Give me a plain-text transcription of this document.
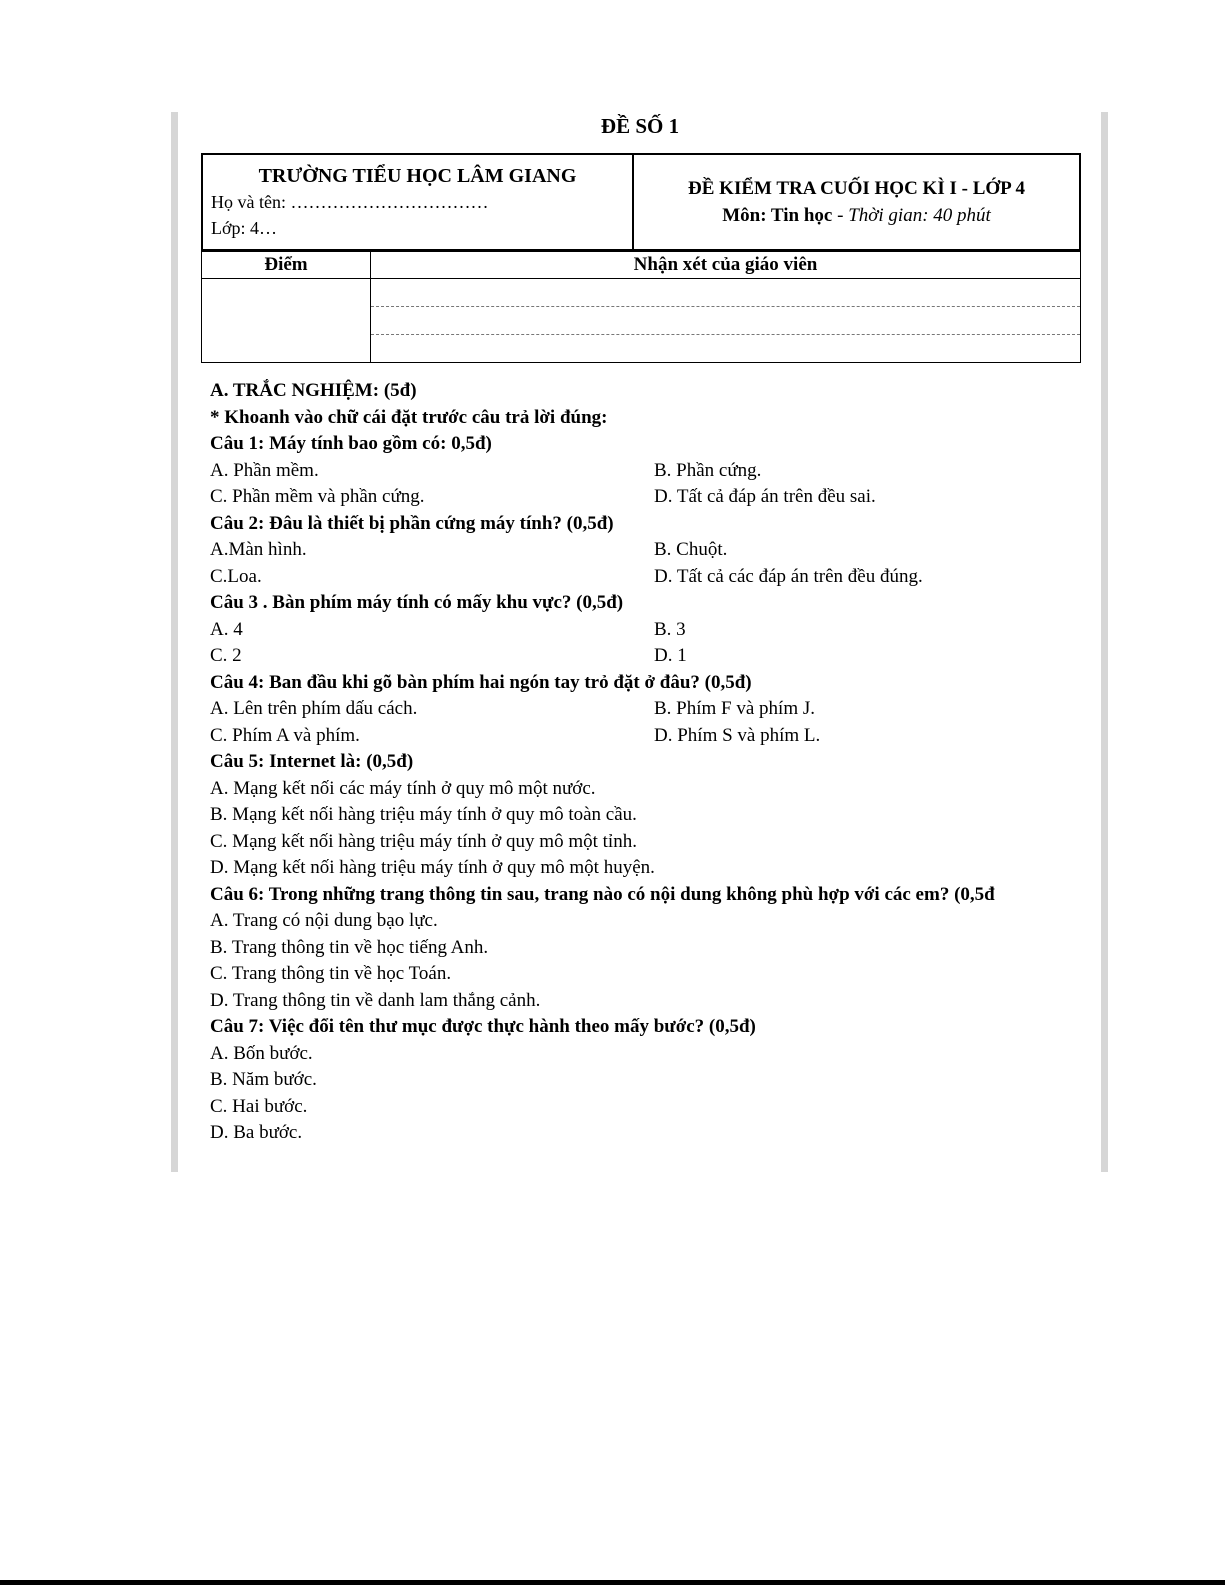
ĐỀ SỐ 1
TRƯỜNG TIỂU HỌC LÂM GIANG
Họ và tên: ……………………………
Lớp: 4…

ĐỀ KIỂM TRA CUỐI HỌC KÌ I - LỚP 4
Môn: Tin học - Thời gian: 40 phút
Điểm	Nhận xét của giáo viên

A. TRẮC NGHIỆM: (5đ)
* Khoanh vào chữ cái đặt trước câu trả lời đúng:
Câu 1: Máy tính bao gồm có: 0,5đ)
A. Phần mềm.	B. Phần cứng.
C. Phần mềm và phần cứng.	D. Tất cả đáp án trên đều sai.
Câu 2: Đâu là thiết bị phần cứng máy tính? (0,5đ)
A.Màn hình.	B. Chuột.
C.Loa.	D. Tất cả các đáp án trên đều đúng.
Câu 3 . Bàn phím máy tính có mấy khu vực? (0,5đ)
A. 4	B. 3
C. 2	D. 1
Câu 4: Ban đầu khi gõ bàn phím hai ngón tay trỏ đặt ở đâu? (0,5đ)
A. Lên trên phím dấu cách.	B. Phím F và phím J.
C. Phím A và phím.	D. Phím S và phím L.
Câu 5: Internet là: (0,5đ)
A. Mạng kết nối các máy tính ở quy mô một nước.
B. Mạng kết nối hàng triệu máy tính ở quy mô toàn cầu.
C. Mạng kết nối hàng triệu máy tính ở quy mô một tỉnh.
D. Mạng kết nối hàng triệu máy tính ở quy mô một huyện.
Câu 6: Trong những trang thông tin sau, trang nào có nội dung không phù hợp với các em? (0,5đ
A. Trang có nội dung bạo lực.
B. Trang thông tin về học tiếng Anh.
C. Trang thông tin về học Toán.
D. Trang thông tin về danh lam thắng cảnh.
Câu 7: Việc đổi tên thư mục được thực hành theo mấy bước? (0,5đ)
A. Bốn bước.
B. Năm bước.
C. Hai bước.
D. Ba bước.
